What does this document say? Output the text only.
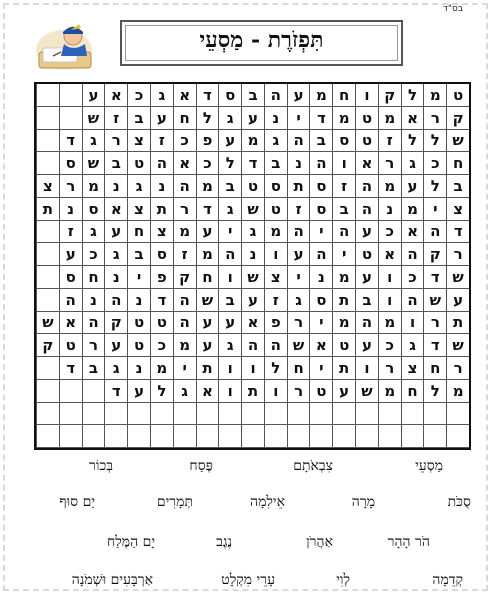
בס"ד
תִּפְזֹרֶת - מַסְעֵי
ט
מ
ל
ק
ו
ח
מ
ע
ה
ב
ס
ד
א
ג
כ
א
ע
ק
ר
א
מ
ט
מ
ד
י
נ
ע
ג
ל
ח
ע
ב
ז
ש
ש
ל
ל
ז
ט
ס
ב
ה
ג
מ
ע
פ
כ
ז
צ
ר
ג
ד
ח
כ
ג
ר
א
ו
ה
נ
ב
ד
ל
כ
א
ה
ט
ב
ש
ס
ב
ל
ע
מ
ה
ז
ס
ת
ס
ט
ב
מ
ה
נ
ג
נ
מ
ר
צ
צ
י
מ
נ
ה
ב
ס
ז
ט
ש
ג
ד
ר
ת
צ
א
ס
נ
ת
ד
ה
א
כ
ע
ה
י
ה
מ
ג
י
ע
מ
צ
ח
ע
ג
ז
ר
ק
ה
א
ט
י
ה
ע
ו
נ
ה
מ
ז
ס
ב
ג
כ
ע
ש
ד
כ
ו
ע
מ
נ
י
צ
ש
ו
ח
ק
פ
י
נ
ח
ס
ע
ש
ה
ו
ב
ת
ס
ג
ז
ע
ב
ש
ה
ד
נ
ה
נ
ה
ת
ר
ו
מ
ה
מ
י
ר
פ
א
ע
ע
ה
ט
ט
ק
ה
א
ש
ש
ד
ג
כ
ע
ט
א
ש
ה
ה
ג
ע
מ
כ
ט
ע
ר
ט
ק
ר
ח
צ
ר
ו
ת
י
ח
ל
ו
ו
ת
י
מ
נ
ג
ב
ד
מ
ל
ח
מ
ש
ע
ט
ר
ו
ת
ו
א
ג
ל
ע
ד
מַסְעֵי
צִבְאֹתָם
פֶּסַח
בְּכוֹר
סֻכֹּת
מָרָה
אֵילִמָה
תְּמָרִים
יַם סוּף
הֹר הָהָר
אַהֲרֹן
נֶגֶב
יָם הַמֶּלַח
קְדֵמָה
לְוִי
עָרֵי מִקְלָט
אַרְבָּעִים וּשְׁמֹנָה
